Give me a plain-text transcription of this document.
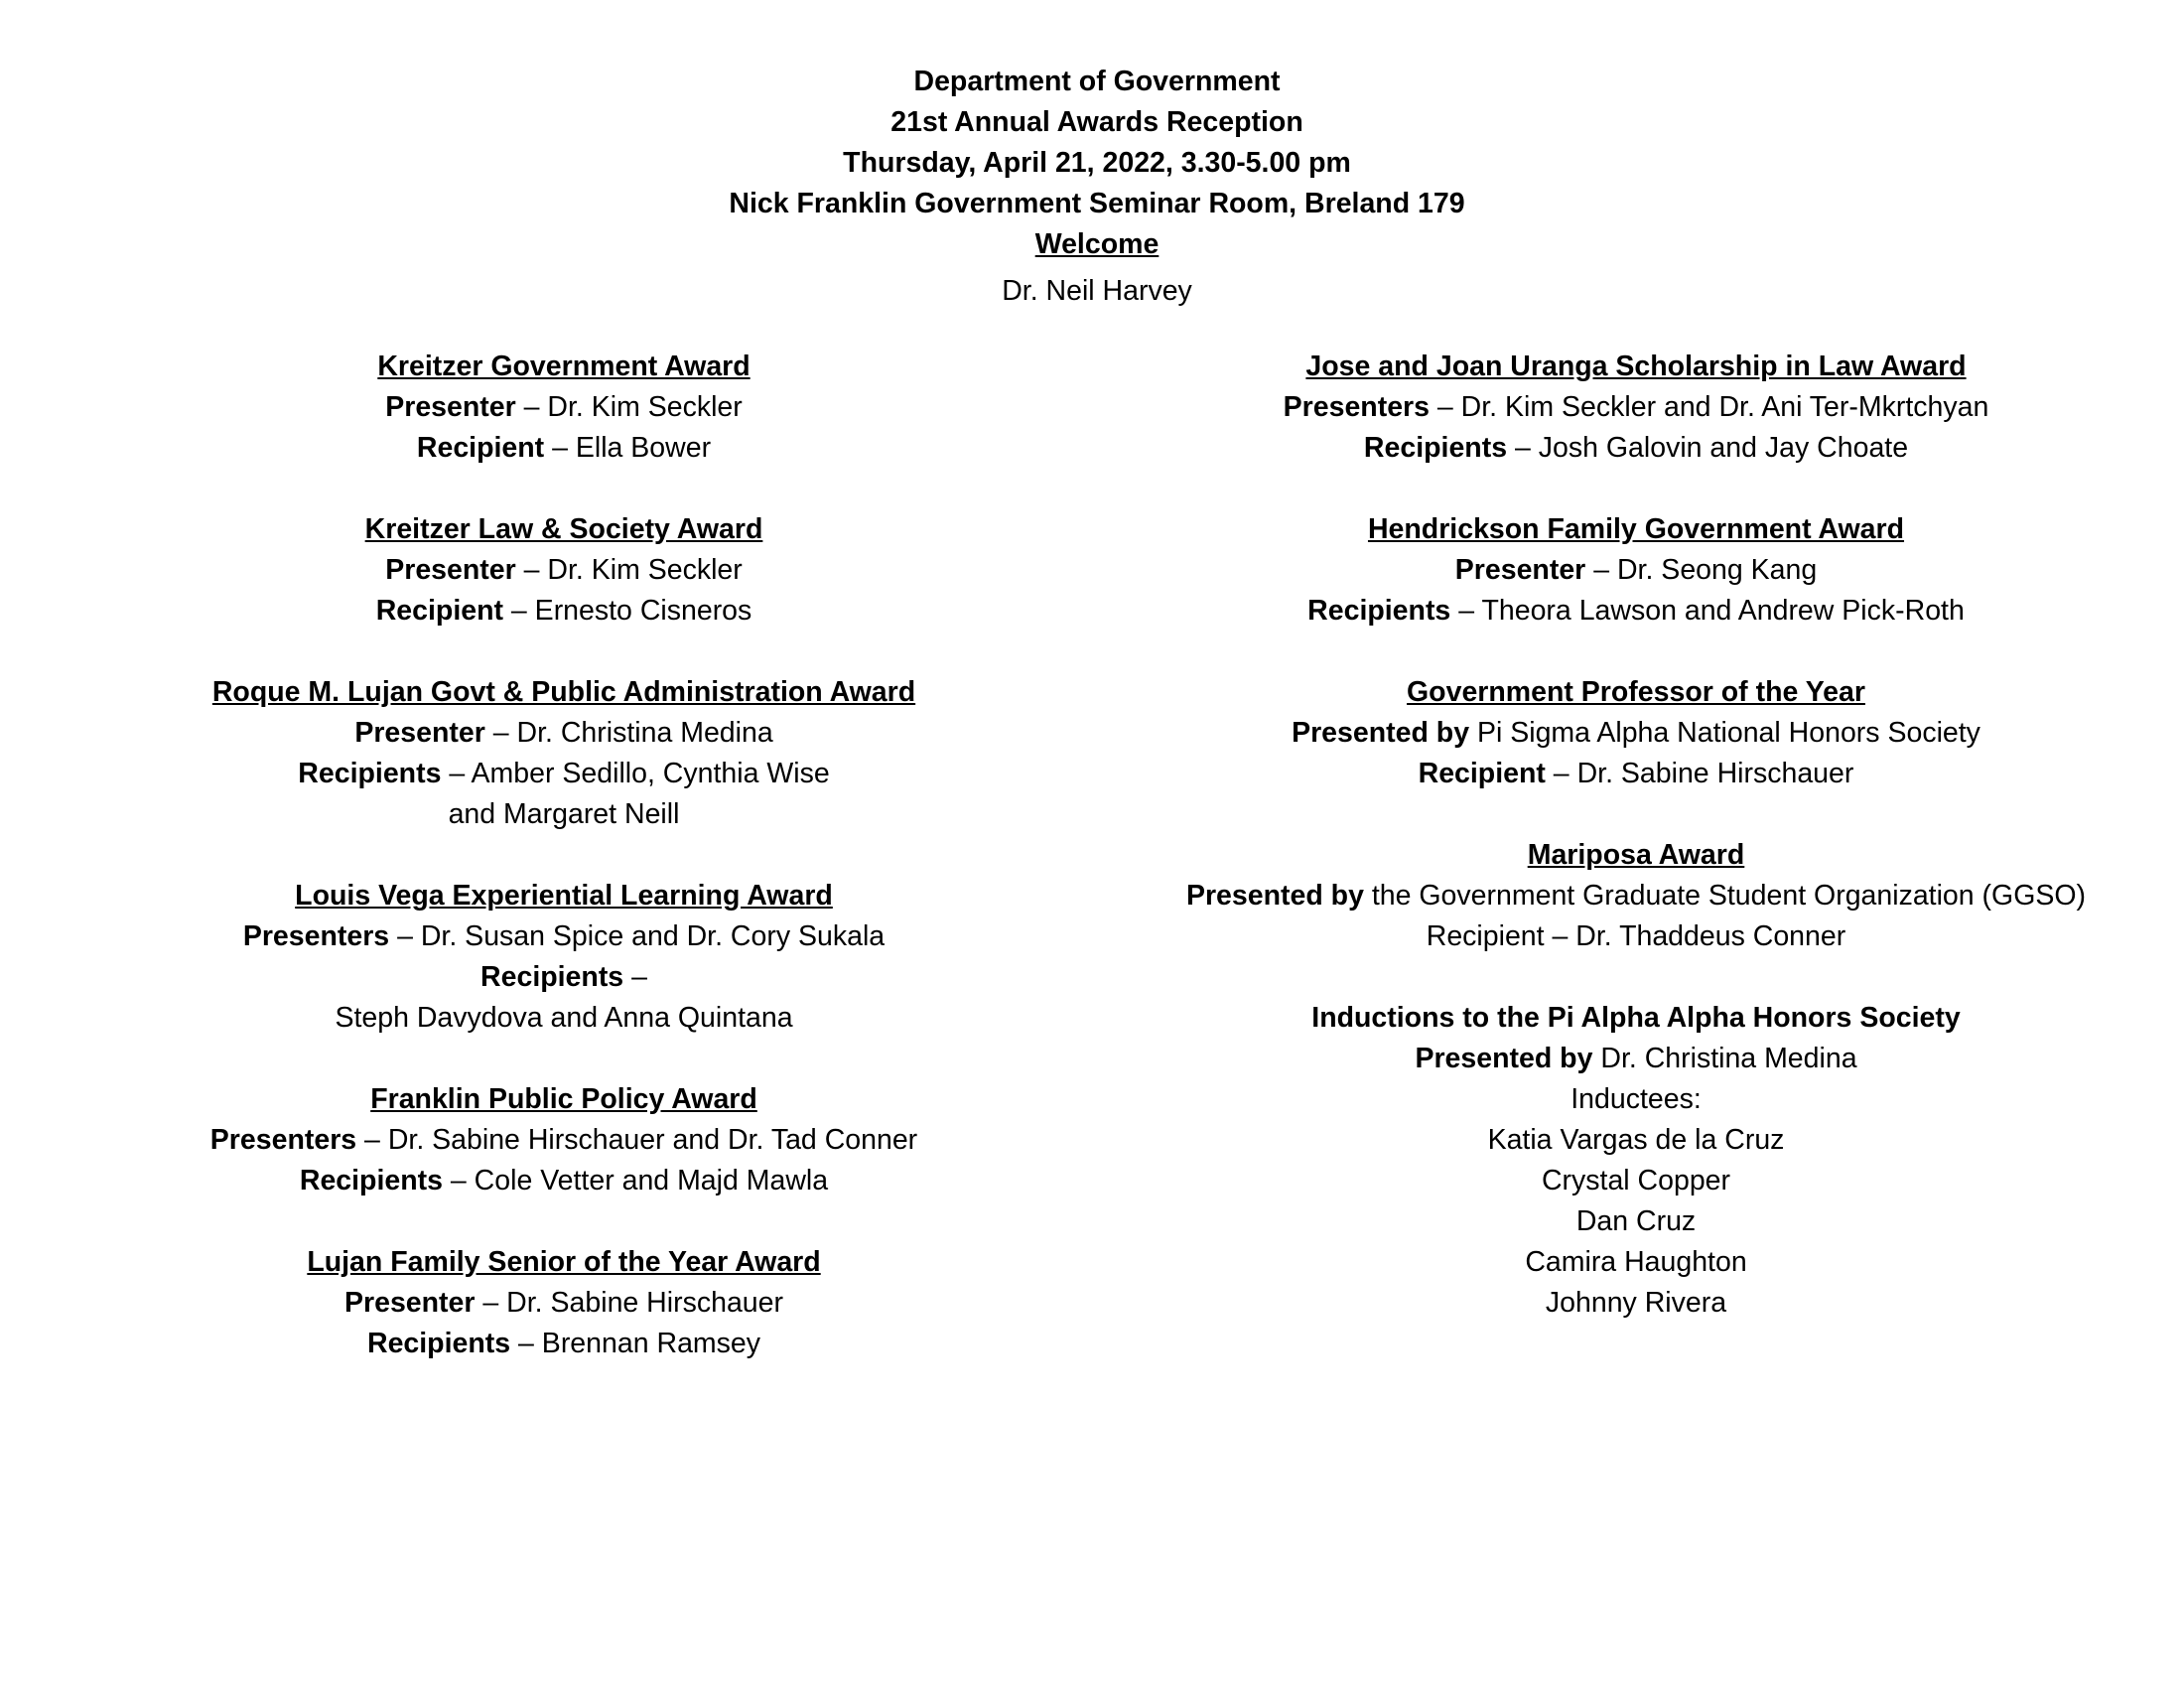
Department of Government
21st Annual Awards Reception
Thursday, April 21, 2022, 3.30-5.00 pm
Nick Franklin Government Seminar Room, Breland 179
Welcome
Dr. Neil Harvey
Kreitzer Government Award
Presenter – Dr. Kim Seckler
Recipient – Ella Bower
Kreitzer Law & Society Award
Presenter – Dr. Kim Seckler
Recipient – Ernesto Cisneros
Roque M. Lujan Govt & Public Administration Award
Presenter – Dr. Christina Medina
Recipients – Amber Sedillo, Cynthia Wise
and Margaret Neill
Louis Vega Experiential Learning Award
Presenters – Dr. Susan Spice and Dr. Cory Sukala
Recipients –
Steph Davydova and Anna Quintana
Franklin Public Policy Award
Presenters – Dr. Sabine Hirschauer and Dr. Tad Conner
Recipients – Cole Vetter and Majd Mawla
Lujan Family Senior of the Year Award
Presenter – Dr. Sabine Hirschauer
Recipients – Brennan Ramsey
Jose and Joan Uranga Scholarship in Law Award
Presenters – Dr. Kim Seckler and Dr. Ani Ter-Mkrtchyan
Recipients – Josh Galovin and Jay Choate
Hendrickson Family Government Award
Presenter – Dr. Seong Kang
Recipients – Theora Lawson and Andrew Pick-Roth
Government Professor of the Year
Presented by Pi Sigma Alpha National Honors Society
Recipient – Dr. Sabine Hirschauer
Mariposa Award
Presented by the Government Graduate Student Organization (GGSO)
Recipient – Dr. Thaddeus Conner
Inductions to the Pi Alpha Alpha Honors Society
Presented by Dr. Christina Medina
Inductees:
Katia Vargas de la Cruz
Crystal Copper
Dan Cruz
Camira Haughton
Johnny Rivera
